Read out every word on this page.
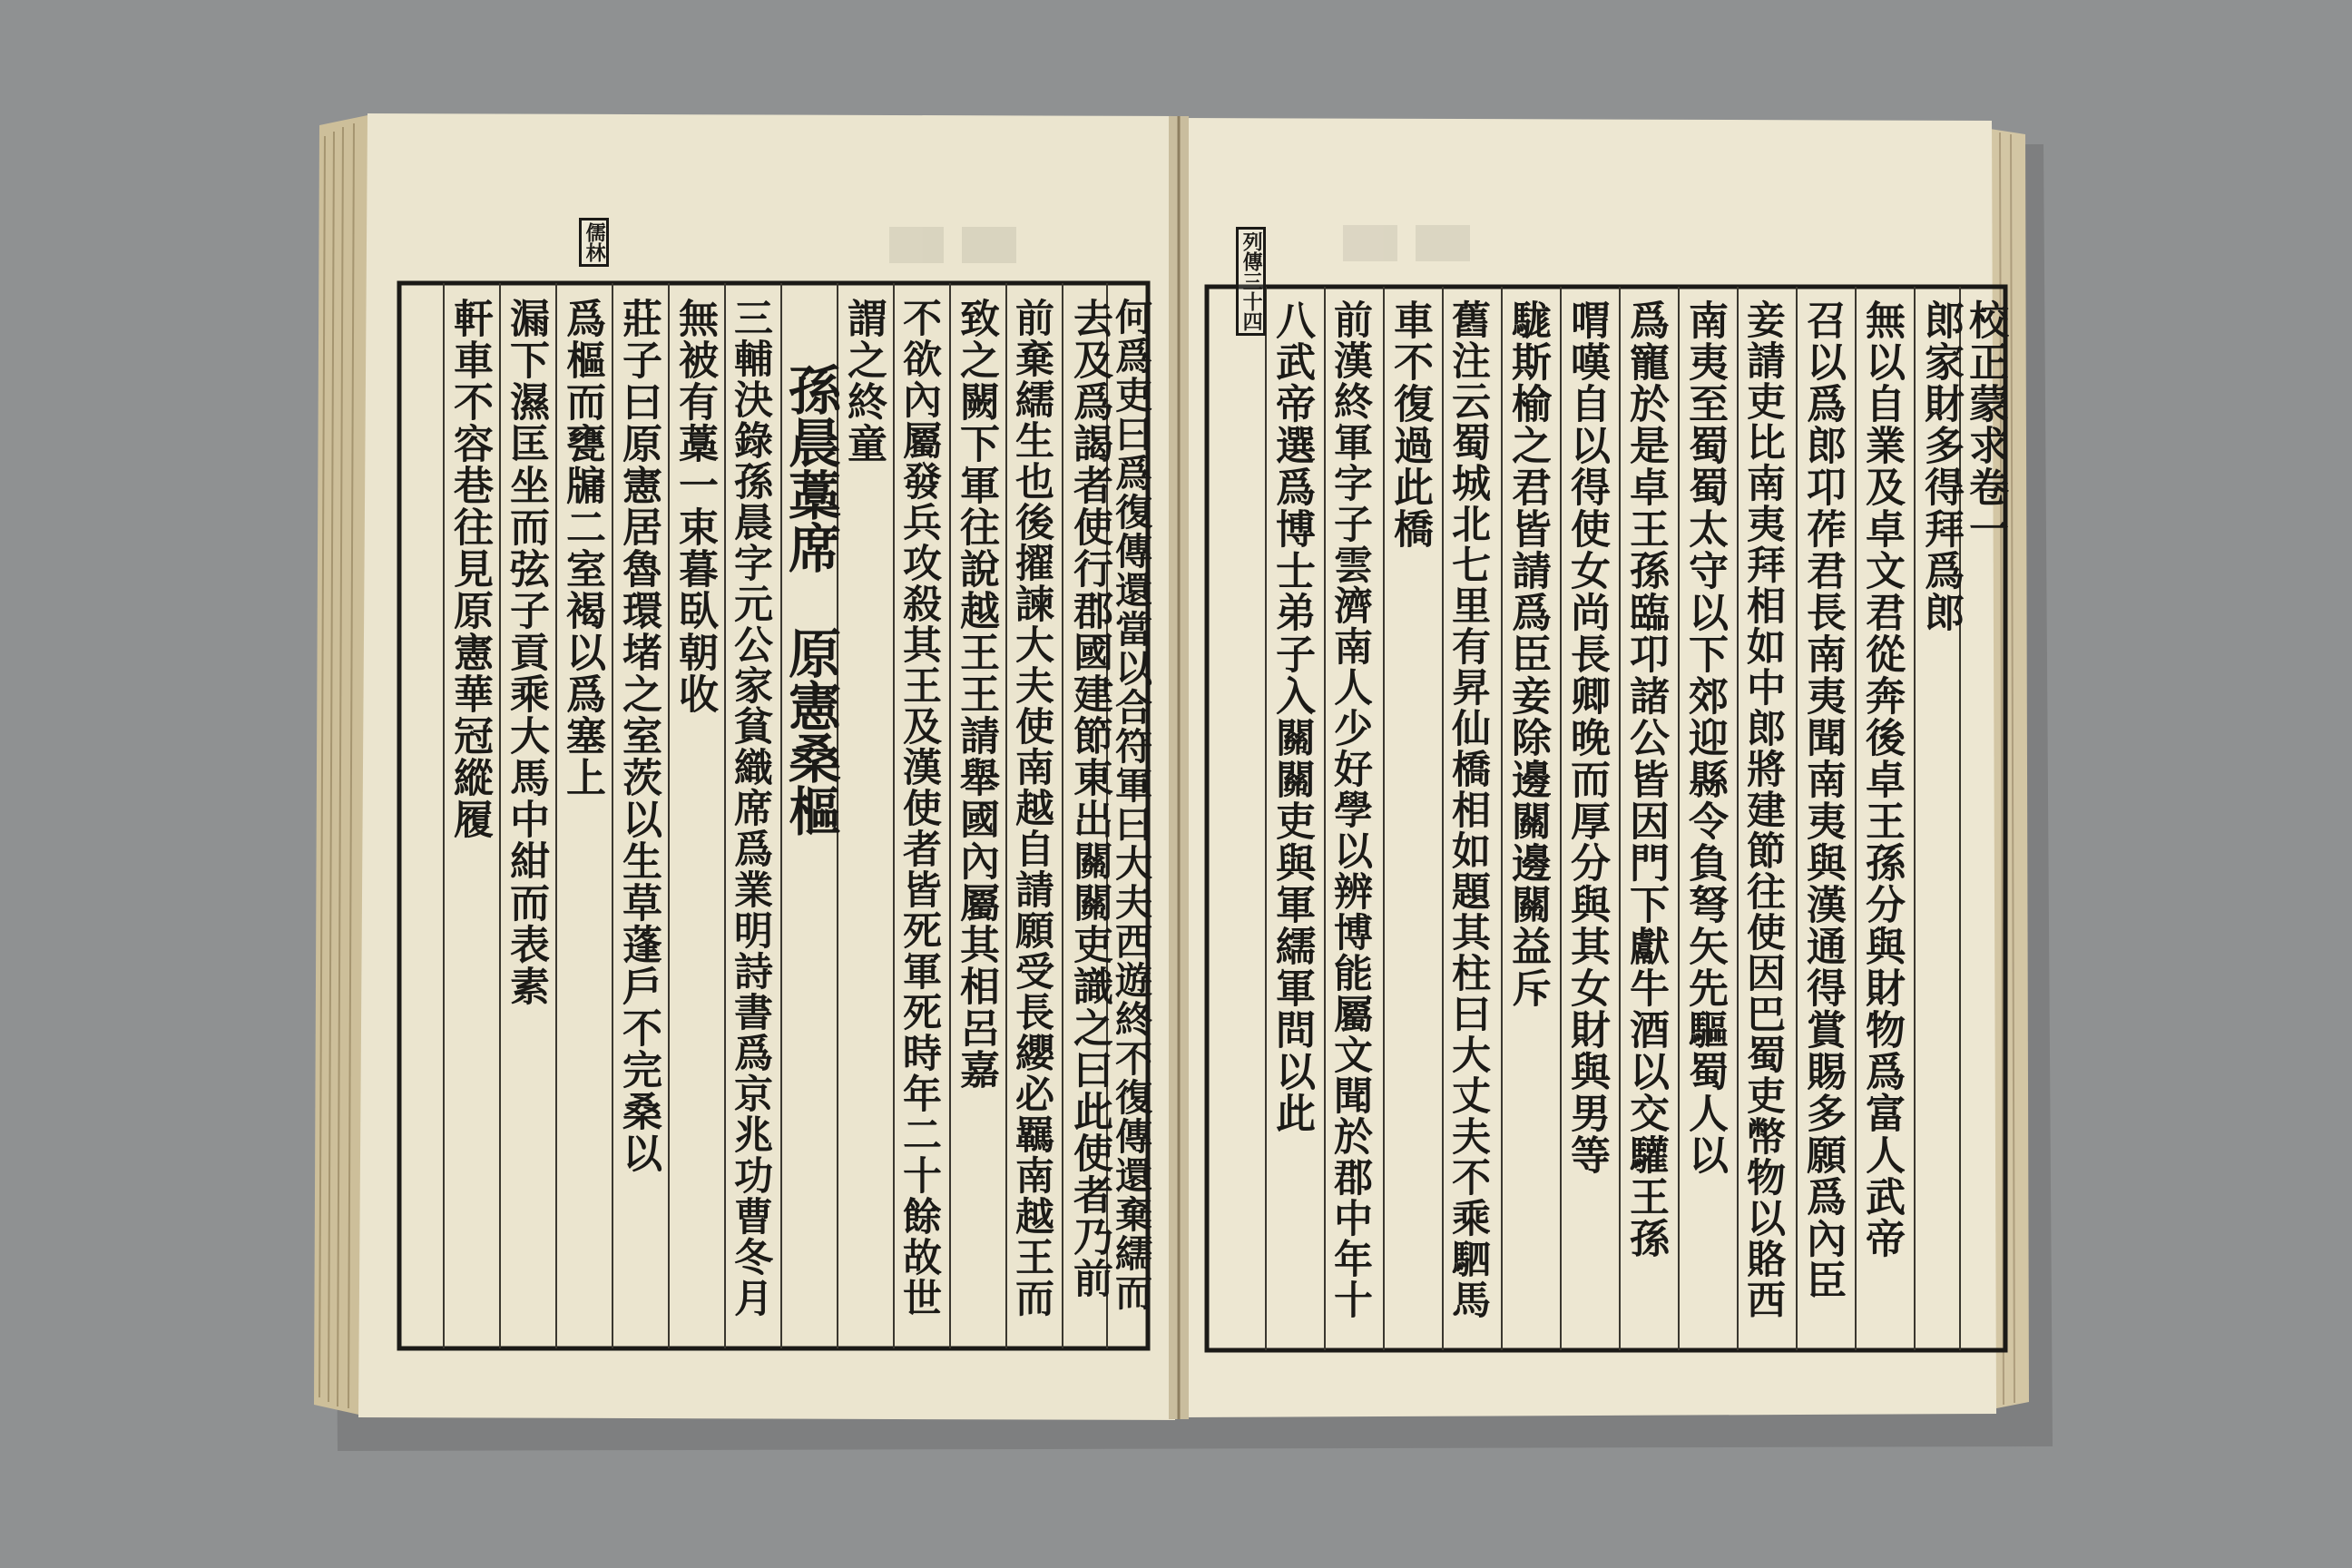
儒林
何爲吏曰爲復傳還當以合符軍曰大夫西遊終不復傳還棄繻而
去及爲謁者使行郡國建節東出關關吏識之曰此使者乃前
前棄繻生也後擢諫大夫使南越自請願受長纓必羈南越王而
致之闕下軍往說越王王請舉國內屬其相呂嘉
不欲內屬發兵攻殺其王及漢使者皆死軍死時年二十餘故世
謂之終童
孫晨藁席　原憲桑樞
三輔決錄孫晨字元公家貧織席爲業明詩書爲京兆功曹冬月
無被有藁一束暮臥朝收
莊子曰原憲居魯環堵之室茨以生草蓬戶不完桑以
爲樞而甕牖二室褐以爲塞上
漏下濕匡坐而弦子貢乘大馬中紺而表素
軒車不容巷往見原憲華冠縱履
列傳三十四
校正蒙求卷一
郎家財多得拜爲郎
無以自業及卓文君從奔後卓王孫分與財物爲富人武帝
召以爲郎卭莋君長南夷聞南夷與漢通得賞賜多願爲內臣
妾請吏比南夷拜相如中郎將建節往使因巴蜀吏幣物以賂西
南夷至蜀蜀太守以下郊迎縣令負弩矢先驅蜀人以
爲寵於是卓王孫臨卭諸公皆因門下獻牛酒以交驩王孫
喟嘆自以得使女尚長卿晚而厚分與其女財與男等
駹斯榆之君皆請爲臣妾除邊關邊關益斥
舊注云蜀城北七里有昇仙橋相如題其柱曰大丈夫不乘駟馬
車不復過此橋
前漢終軍字子雲濟南人少好學以辨博能屬文聞於郡中年十
八武帝選爲博士弟子入關關吏與軍繻軍問以此
